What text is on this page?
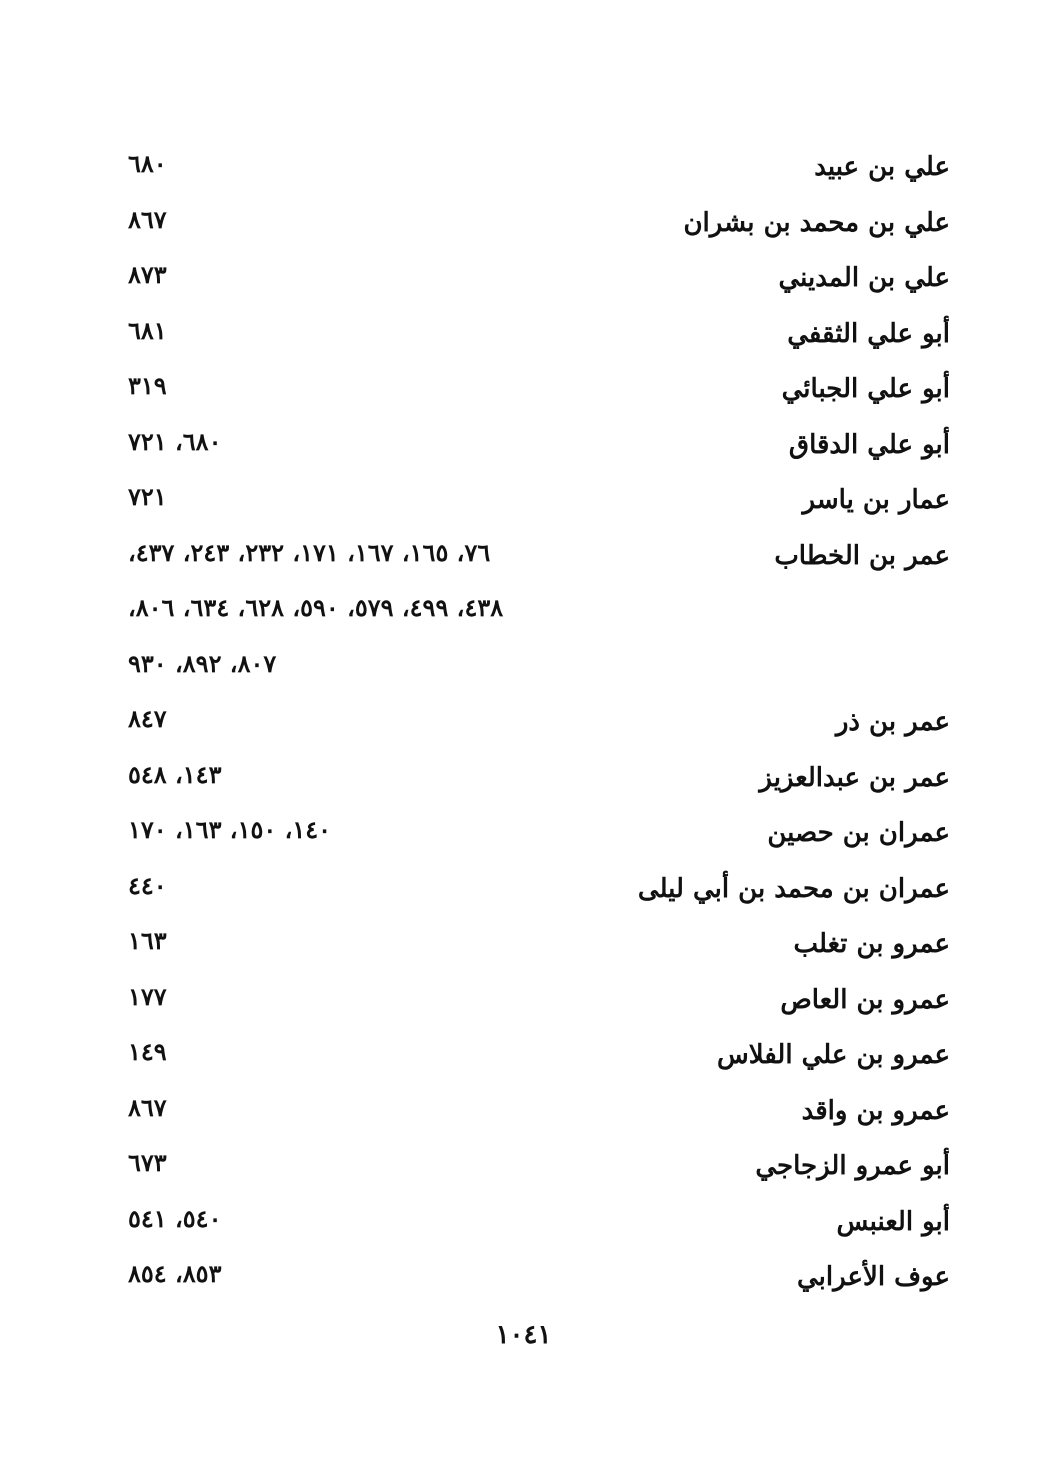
علي بن عبيد
٦٨٠
علي بن محمد بن بشران
٨٦٧
علي بن المديني
٨٧٣
أبو علي الثقفي
٦٨١
أبو علي الجبائي
٣١٩
أبو علي الدقاق
٦٨٠، ٧٢١
عمار بن ياسر
٧٢١
عمر بن الخطاب
٧٦، ١٦٥، ١٦٧، ١٧١، ٢٣٢، ٢٤٣، ٤٣٧،
٤٣٨، ٤٩٩، ٥٧٩، ٥٩٠، ٦٢٨، ٦٣٤، ٨٠٦،
٨٠٧، ٨٩٢، ٩٣٠
عمر بن ذر
٨٤٧
عمر بن عبدالعزيز
١٤٣، ٥٤٨
عمران بن حصين
١٤٠، ١٥٠، ١٦٣، ١٧٠
عمران بن محمد بن أبي ليلى
٤٤٠
عمرو بن تغلب
١٦٣
عمرو بن العاص
١٧٧
عمرو بن علي الفلاس
١٤٩
عمرو بن واقد
٨٦٧
أبو عمرو الزجاجي
٦٧٣
أبو العنبس
٥٤٠، ٥٤١
عوف الأعرابي
٨٥٣، ٨٥٤
١٠٤١
